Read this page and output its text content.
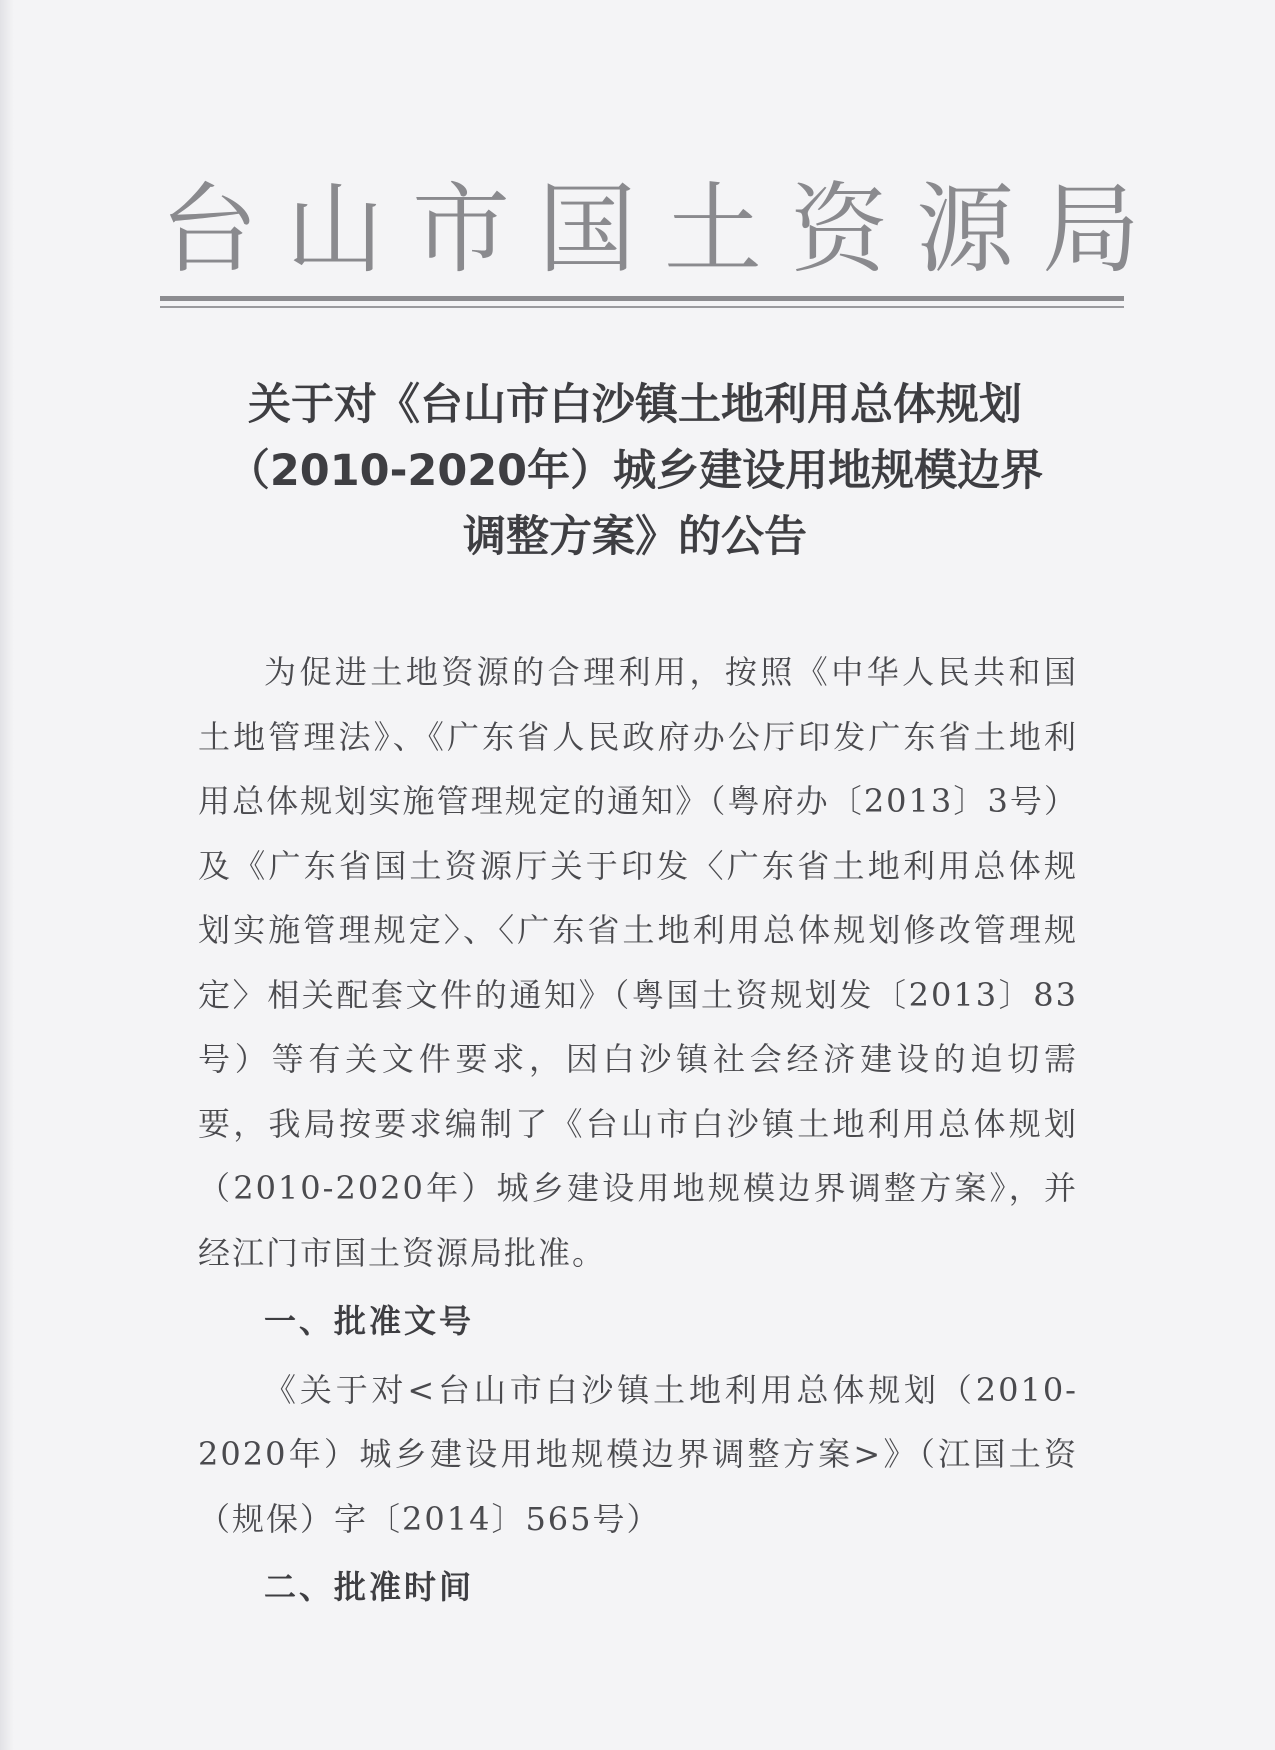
台山市国土资源局
关于对《台山市白沙镇土地利用总体规划
（2010-2020年）城乡建设用地规模边界
调整方案》的公告

为促进土地资源的合理利用，按照《中华人民共和国土地管理法》、《广东省人民政府办公厅印发广东省土地利用总体规划实施管理规定的通知》（粤府办〔2013〕3号）及《广东省国土资源厅关于印发〈广东省土地利用总体规划实施管理规定〉、〈广东省土地利用总体规划修改管理规定〉相关配套文件的通知》（粤国土资规划发〔2013〕83号）等有关文件要求，因白沙镇社会经济建设的迫切需要，我局按要求编制了《台山市白沙镇土地利用总体规划（2010-2020年）城乡建设用地规模边界调整方案》，并经江门市国土资源局批准。

一、批准文号

《关于对<台山市白沙镇土地利用总体规划（2010-2020年）城乡建设用地规模边界调整方案>》（江国土资（规保）字〔2014〕565号）

二、批准时间
